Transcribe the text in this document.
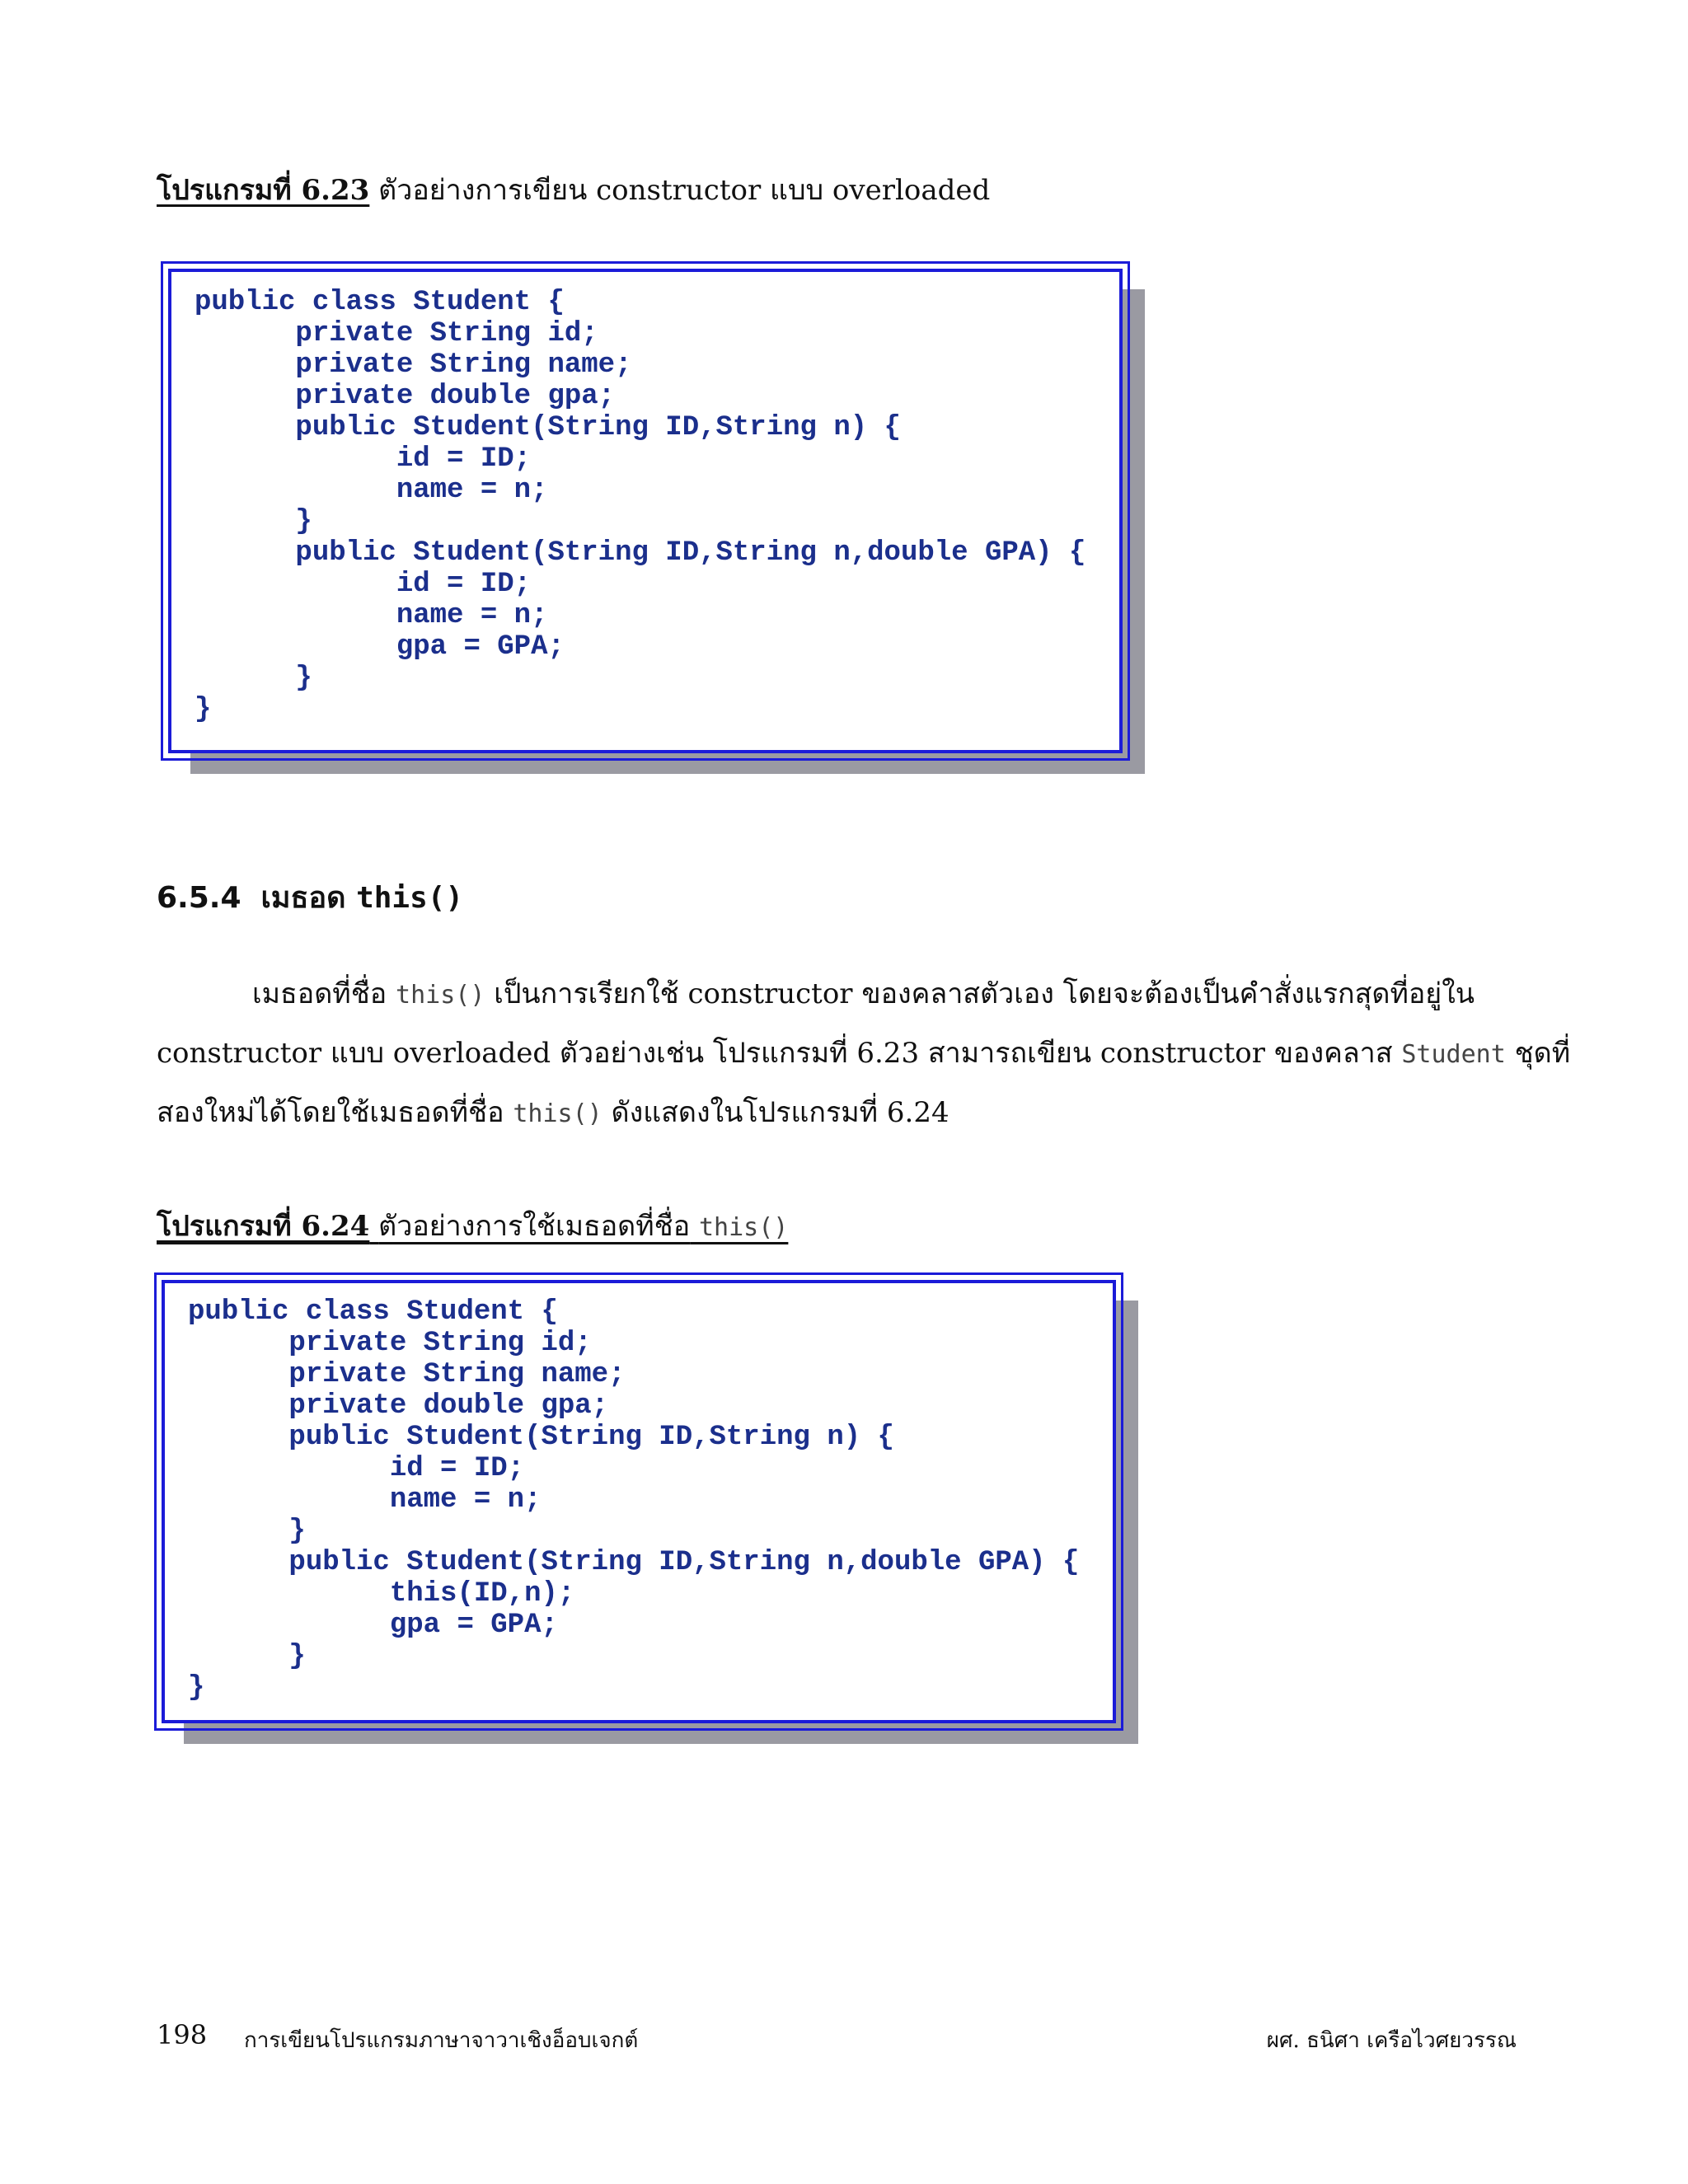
โปรแกรมที่ 6.23 ตัวอย่างการเขียน constructor แบบ overloaded
public class Student {
private String id;
private String name;
private double gpa;
public Student(String ID,String n) {
id = ID;
name = n;
}
public Student(String ID,String n,double GPA) {
id = ID;
name = n;
gpa = GPA;
}
}
6.5.4 เมธอด this()
เมธอดที่ชื่อ this() เป็นการเรียกใช้ constructor ของคลาสตัวเอง โดยจะต้องเป็นคำสั่งแรกสุดที่อยู่ใน
constructor แบบ overloaded ตัวอย่างเช่น โปรแกรมที่ 6.23 สามารถเขียน constructor ของคลาส Student ชุดที่
สองใหม่ได้โดยใช้เมธอดที่ชื่อ this() ดังแสดงในโปรแกรมที่ 6.24
โปรแกรมที่ 6.24 ตัวอย่างการใช้เมธอดที่ชื่อ this()
public class Student {
private String id;
private String name;
private double gpa;
public Student(String ID,String n) {
id = ID;
name = n;
}
public Student(String ID,String n,double GPA) {
this(ID,n);
gpa = GPA;
}
}
198 การเขียนโปรแกรมภาษาจาวาเชิงอ็อบเจกต์	ผศ. ธนิศา เครือไวศยวรรณ
